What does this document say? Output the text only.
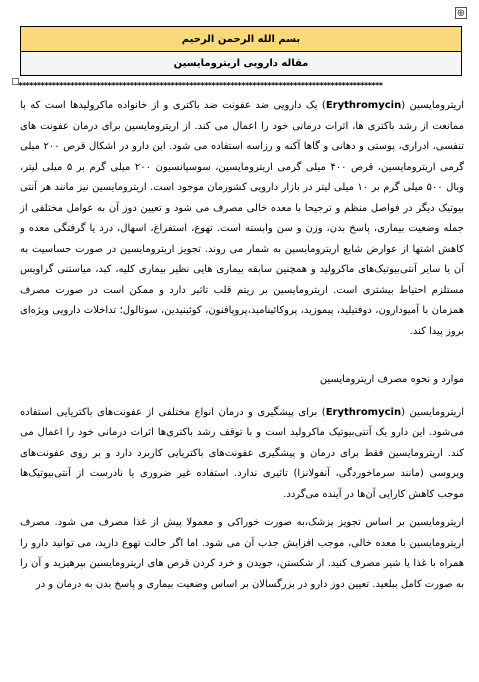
⊕
بسم الله الرحمن الرحیم
مقاله دارویی اریترومایسین
**************************************************************************************************

اریترومایسین (Erythromycin) یک دارویی ضد عفونت ضد باکتری و از خانواده ماکرولیدها است که با ممانعت از رشد باکتری ها، اثرات درمانی خود را اعمال می کند. از اریترومایسین برای درمان عفونت های تنفسی، ادراری، پوستی و دهانی و گاها آکنه و رزاسه استفاده می شود. این دارو در اشکال قرص ۲۰۰ میلی گرمی اریترومایسین، قرص ۴۰۰ میلی گرمی اریترومایسین، سوسپانسیون ۲۰۰ میلی گرم بر ۵ میلی لیتر، ویال ۵۰۰ میلی گرم بر ۱۰ میلی لیتر در بازار دارویی کشورمان موجود است. اریترومایسین نیز مانند هر آنتی بیوتیک دیگر در فواصل منظم و ترجیحا با معده خالی مصرف می شود و تعیین دوز آن به عوامل مختلفی از جمله وضعیت بیماری، پاسخ بدن، وزن و سن وابسته است. تهوع، استفراغ، اسهال، درد یا گرفتگی معده و کاهش اشتها از عوارض شایع اریترومایسین به شمار می روند. تجویز اریترومایسین در صورت حساسیت به آن یا سایر آنتی‌بیوتیک‌های ماکرولید و همچنین سابقه بیماری هایی نظیر بیماری کلیه، کبد، میاستنی گراویس مستلزم احتیاط بیشتری است. اریترومایسین بر ریتم قلب تاثیر دارد و ممکن است در صورت مصرف همزمان با آمیودارون، دوفتیلید، پیموزید، پروکائینامید،پروپافنون، کوئینیدین، سوتالول؛ تداخلات دارویی ویژه‌ای بروز پیدا کند.

موارد و نحوه مصرف اریترومایسین

اریترومایسین (Erythromycin) برای پیشگیری و درمان انواع مختلفی از عفونت‌های باکتریایی استفاده می‌شود. این دارو یک آنتی‌بیوتیک ماکرولید است و با توقف رشد باکتری‌ها اثرات درمانی خود را اعمال می کند. اریترومایسین فقط برای درمان و پیشگیری عفونت‌های باکتریایی کاربرد دارد و بر روی عفونت‌های ویروسی (مانند سرماخوردگی، آنفولانزا) تاثیری ندارد. استفاده غیر ضروری یا نادرست از آنتی‌بیوتیک‌ها موجب کاهش کارایی آن‌ها در آینده می‌گردد.

اریترومایسین بر اساس تجویز پزشک،به صورت خوراکی و معمولا پیش از غذا مصرف می شود. مصرف اریترومایسین با معده خالی، موجب افزایش جذب آن می شود. اما اگر حالت تهوع دارید، می توانید دارو را همراه با غذا یا شیر مصرف کنید. از شکستن، جویدن و خرد کردن قرص های اریترومایسین بپرهیزید و آن را به صورت کامل ببلعید. تعیین دوز دارو در بزرگسالان بر اساس وضعیت بیماری و پاسخ بدن به درمان و در
